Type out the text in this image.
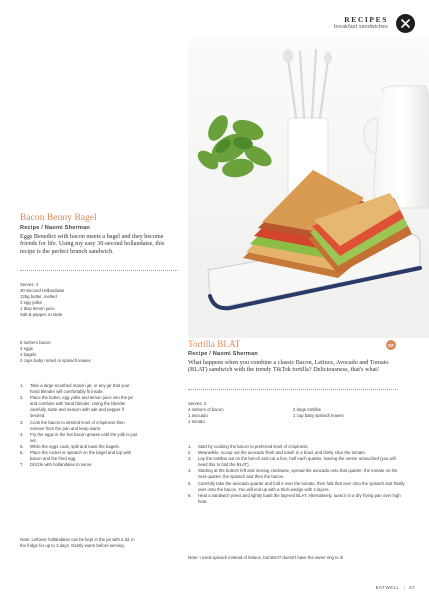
RECIPES
breakfast sandwiches
Bacon Benny Bagel
Recipe / Naomi Sherman
Eggs Benedict with bacon meets a bagel and they become friends for life. Using my easy 30-second hollandaise, this recipe is the perfect brunch sandwich.
Serves: 4
30-Second Hollandaise
125g butter, melted
3 egg yolks
1 tbsp lemon juice
Salt & pepper, to taste
8 rashers bacon
4 eggs
4 bagels
2 cups baby rocket or spinach leaves
1. Take a large-mouthed mason jar, or any jar that your hand blender will comfortably fit inside.
2. Place the butter, egg yolks and lemon juice into the jar and combine with hand blender. Using the blender carefully, taste and season with salt and pepper if desired.
3. Cook the bacon to desired level of crispiness then remove from the pan and keep warm.
4. Fry the eggs in the hot bacon grease until the yolk is just set.
5. While the eggs cook, split and toast the bagels.
6. Place the rocket or spinach on the bagel and top with bacon and the fried egg.
7. Drizzle with hollandaise to serve.
Note: Leftover hollandaise can be kept in the jar with a lid, in the fridge for up to 3 days. Gently warm before serving.
Tortilla BLAT	GF
Recipe / Naomi Sherman
What happens when you combine a classic Bacon, Lettuce, Avocado and Tomato (BLAT) sandwich with the trendy TikTok tortilla? Deliciousness, that's what!
Serves: 2
4 rashers of bacon
1 avocado
1 tomato
2 large tortillas
1 cup baby spinach leaves
1. Start by cooking the bacon to preferred level of crispiness.
2. Meanwhile, scoop out the avocado flesh and mash in a bowl, and thinly slice the tomato.
3. Lay the tortillas out on the bench and cut a line, half each quarter, leaving the centre untouched (you will need this to fold the BLAT).
4. Starting at the bottom left and moving clockwise, spread the avocado onto that quarter, the tomato on the next quarter, the spinach and then the bacon.
5. Carefully take the avocado quarter and fold it over the tomato, then fold that over onto the spinach and finally over onto the bacon. You will end up with a thick wedge with 4 layers.
6. Heat a sandwich press and lightly toast the layered BLAT. Alternatively, toast it in a dry frying pan over high heat.
Note: I used spinach instead of lettuce, but BSAT doesn't have the same ring to it!
EATWELL | 57
